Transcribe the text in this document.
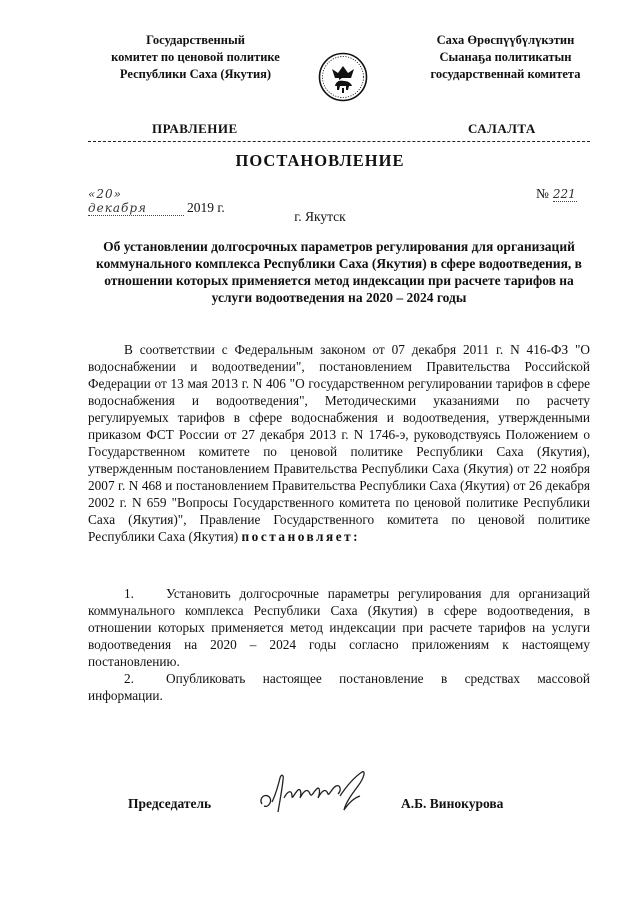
Государственный
комитет по ценовой политике
Республики Саха (Якутия)
Саха Өрөспүүбүлүкэтин
Сыанаҕа политикатын
государственнай комитета
ПРАВЛЕНИЕ	САЛАЛТА
ПОСТАНОВЛЕНИЕ
«20» декабря	2019 г.
№ 221
г. Якутск
Об установлении долгосрочных параметров регулирования для организаций коммунального комплекса Республики Саха (Якутия) в сфере водоотведения, в отношении которых применяется метод индексации при расчете тарифов на услуги водоотведения на 2020 – 2024 годы

В соответствии с Федеральным законом от 07 декабря 2011 г. N 416-ФЗ "О водоснабжении и водоотведении", постановлением Правительства Российской Федерации от 13 мая 2013 г. N 406 "О государственном регулировании тарифов в сфере водоснабжения и водоотведения", Методическими указаниями по расчету регулируемых тарифов в сфере водоснабжения и водоотведения, утвержденными приказом ФСТ России от 27 декабря 2013 г. N 1746-э, руководствуясь Положением о Государственном комитете по ценовой политике Республики Саха (Якутия), утвержденным постановлением Правительства Республики Саха (Якутия) от 22 ноября 2007 г. N 468 и постановлением Правительства Республики Саха (Якутия) от 26 декабря 2002 г. N 659 "Вопросы Государственного комитета по ценовой политике Республики Саха (Якутия)", Правление Государственного комитета по ценовой политике Республики Саха (Якутия) постановляет:

1. Установить долгосрочные параметры регулирования для организаций коммунального комплекса Республики Саха (Якутия) в сфере водоотведения, в отношении которых применяется метод индексации при расчете тарифов на услуги водоотведения на 2020 – 2024 годы согласно приложениям к настоящему постановлению.

2. Опубликовать настоящее постановление в средствах массовой информации.

Председатель	А.Б. Винокурова
